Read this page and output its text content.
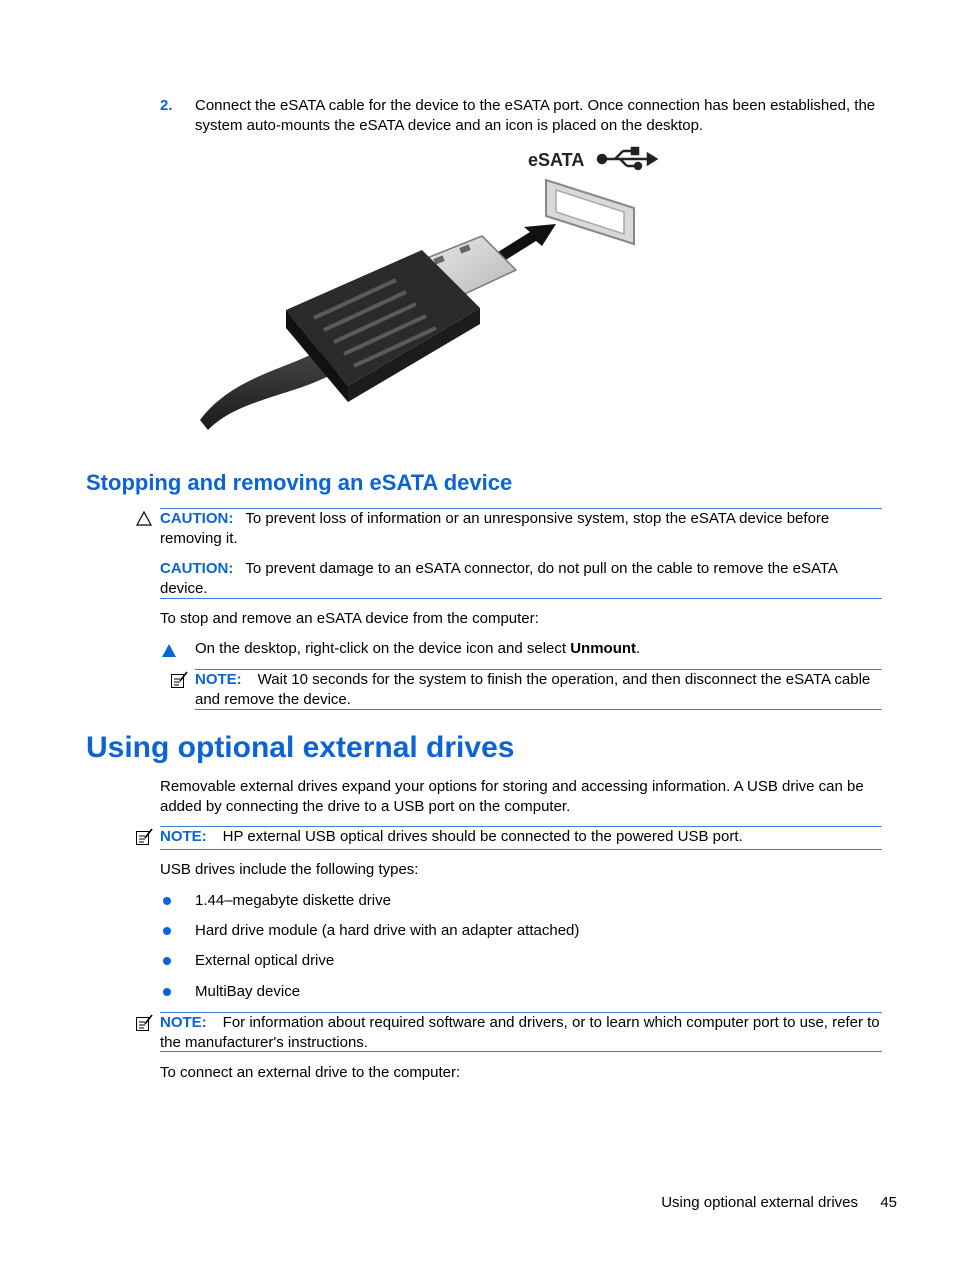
2. Connect the eSATA cable for the device to the eSATA port. Once connection has been established, the system auto-mounts the eSATA device and an icon is placed on the desktop.
eSATA
Stopping and removing an eSATA device
CAUTION: To prevent loss of information or an unresponsive system, stop the eSATA device before removing it.
CAUTION: To prevent damage to an eSATA connector, do not pull on the cable to remove the eSATA device.
To stop and remove an eSATA device from the computer:
On the desktop, right-click on the device icon and select Unmount.
NOTE: Wait 10 seconds for the system to finish the operation, and then disconnect the eSATA cable and remove the device.
Using optional external drives
Removable external drives expand your options for storing and accessing information. A USB drive can be added by connecting the drive to a USB port on the computer.
NOTE: HP external USB optical drives should be connected to the powered USB port.
USB drives include the following types:
1.44–megabyte diskette drive
Hard drive module (a hard drive with an adapter attached)
External optical drive
MultiBay device
NOTE: For information about required software and drivers, or to learn which computer port to use, refer to the manufacturer's instructions.
To connect an external drive to the computer:
Using optional external drives 45
